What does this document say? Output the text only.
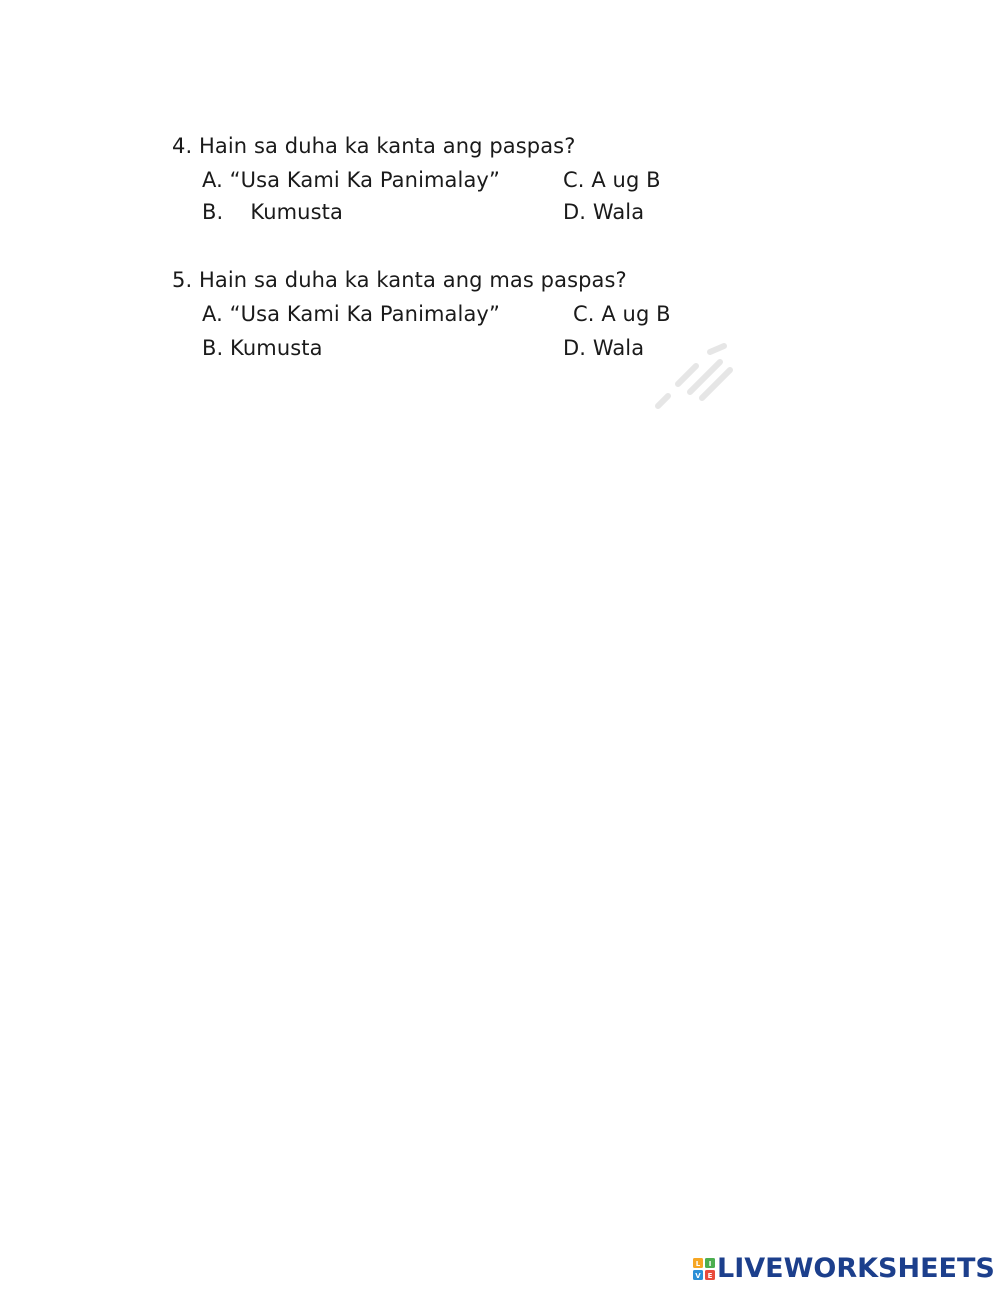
4. Hain sa duha ka kanta ang paspas?
A. “Usa Kami Ka Panimalay”	C. A ug B
B.    Kumusta	D. Wala
5. Hain sa duha ka kanta ang mas paspas?
A. “Usa Kami Ka Panimalay”	C. A ug B
B. Kumusta	D. Wala
L I
V E LIVEWORKSHEETS
